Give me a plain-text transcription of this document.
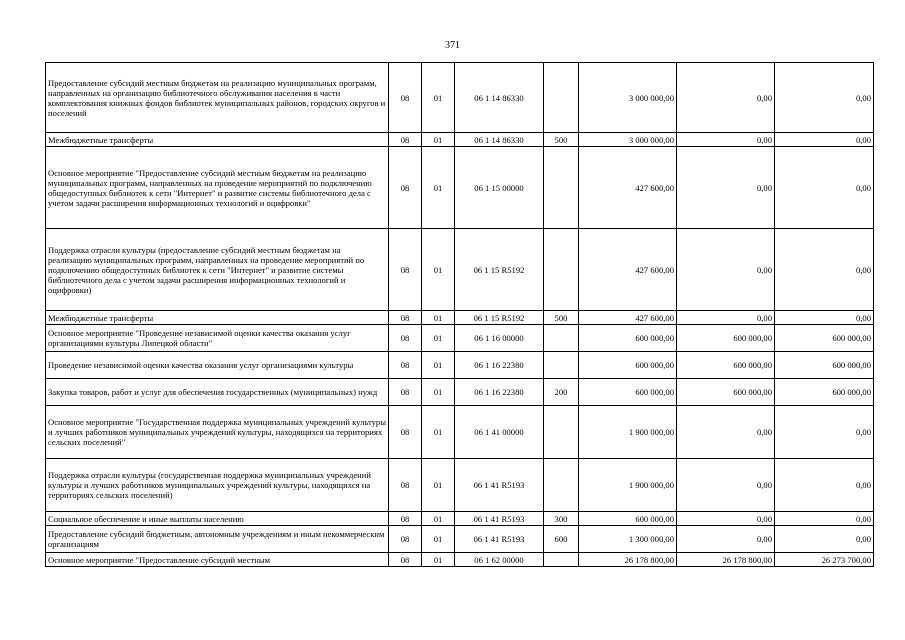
371
Предоставление субсидий местным бюджетам на реализацию муниципальных программ, направленных на организацию библиотечного обслуживания населения в части комплектования книжных фондов библиотек муниципальных районов, городских округов и поселений	08	01	06 1 14 86330		3 000 000,00	0,00	0,00
Межбюджетные трансферты	08	01	06 1 14 86330	500	3 000 000,00	0,00	0,00
Основное мероприятие "Предоставление субсидий местным бюджетам на реализацию муниципальных программ, направленных на проведение мероприятий по подключению общедоступных библиотек к сети "Интернет" и развитие системы библиотечного дела с учетом задачи расширения информационных технологий и оцифровки"	08	01	06 1 15 00000		427 600,00	0,00	0,00
Поддержка отрасли культуры (предоставление субсидий местным бюджетам на реализацию муниципальных программ, направленных на проведение мероприятий по подключению общедоступных библиотек к сети "Интернет" и развитие системы библиотечного дела с учетом задачи расширения информационных технологий и оцифровки)	08	01	06 1 15 R5192		427 600,00	0,00	0,00
Межбюджетные трансферты	08	01	06 1 15 R5192	500	427 600,00	0,00	0,00
Основное мероприятие "Проведение независимой оценки качества оказания услуг организациями культуры Липецкой области"	08	01	06 1 16 00000		600 000,00	600 000,00	600 000,00
Проведение независимой оценки качества оказания услуг организациями культуры	08	01	06 1 16 22380		600 000,00	600 000,00	600 000,00
Закупка товаров, работ и услуг для обеспечения государственных (муниципальных) нужд	08	01	06 1 16 22380	200	600 000,00	600 000,00	600 000,00
Основное мероприятие "Государственная поддержка муниципальных учреждений культуры и лучших работников муниципальных учреждений культуры, находящихся на территориях сельских поселений"	08	01	06 1 41 00000		1 900 000,00	0,00	0,00
Поддержка отрасли культуры (государственная поддержка муниципальных учреждений культуры и лучших работников муниципальных учреждений культуры, находящихся на территориях сельских поселений)	08	01	06 1 41 R5193		1 900 000,00	0,00	0,00
Социальное обеспечение и иные выплаты населению	08	01	06 1 41 R5193	300	600 000,00	0,00	0,00
Предоставление субсидий бюджетным, автономным учреждениям и иным некоммерческим организациям	08	01	06 1 41 R5193	600	1 300 000,00	0,00	0,00
Основное мероприятие "Предоставление субсидий местным	08	01	06 1 62 00000		26 178 800,00	26 178 800,00	26 273 700,00
